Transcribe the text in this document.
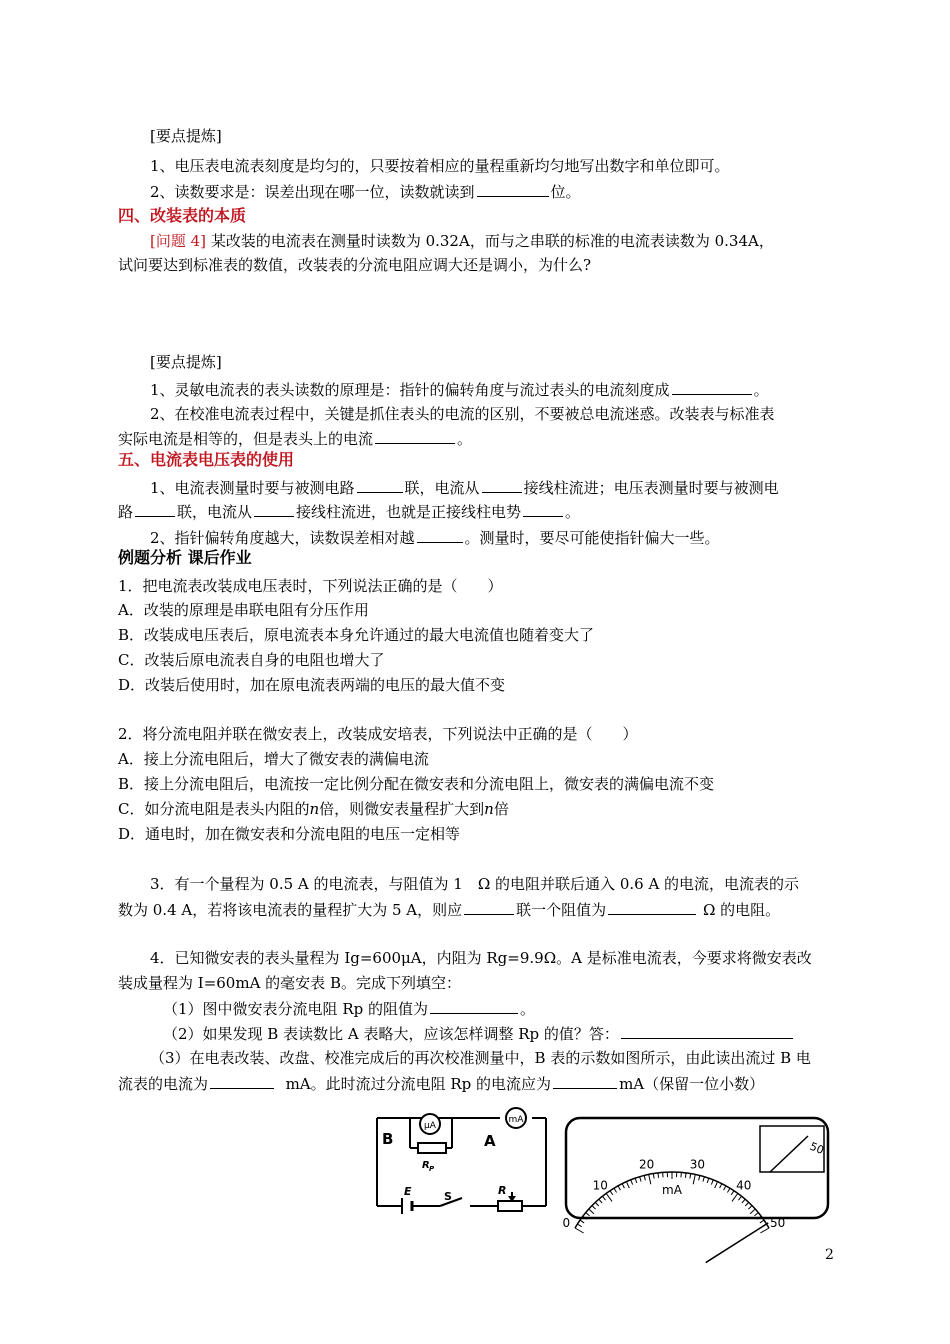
[要点提炼]
1、电压表电流表刻度是均匀的，只要按着相应的量程重新均匀地写出数字和单位即可。
2、读数要求是：误差出现在哪一位，读数就读到	位。
四、改装表的本质
[问题 4] 某改装的电流表在测量时读数为 0.32A，而与之串联的标准的电流表读数为 0.34A，
试问要达到标准表的数值，改装表的分流电阻应调大还是调小，为什么?
[要点提炼]
1、灵敏电流表的表头读数的原理是：指针的偏转角度与流过表头的电流刻度成	。
2、在校准电流表过程中，关键是抓住表头的电流的区别，不要被总电流迷惑。改装表与标准表
实际电流是相等的，但是表头上的电流	。
五、电流表电压表的使用
1、电流表测量时要与被测电路	联，电流从	接线柱流进；电压表测量时要与被测电
路	联，电流从	接线柱流进，也就是正接线柱电势	。
2、指针偏转角度越大，读数误差相对越	。测量时，要尽可能使指针偏大一些。
例题分析 课后作业
1．把电流表改装成电压表时，下列说法正确的是（　　）
A．改装的原理是串联电阻有分压作用
B．改装成电压表后，原电流表本身允许通过的最大电流值也随着变大了
C．改装后原电流表自身的电阻也增大了
D．改装后使用时，加在原电流表两端的电压的最大值不变
2．将分流电阻并联在微安表上，改装成安培表，下列说法中正确的是（　　）
A．接上分流电阻后，增大了微安表的满偏电流
B．接上分流电阻后，电流按一定比例分配在微安表和分流电阻上，微安表的满偏电流不变
C．如分流电阻是表头内阻的n倍，则微安表量程扩大到n倍
D．通电时，加在微安表和分流电阻的电压一定相等
3．有一个量程为 0.5 A 的电流表，与阻值为 1　Ω 的电阻并联后通入 0.6 A 的电流，电流表的示
数为 0.4 A，若将该电流表的量程扩大为 5 A，则应	联一个阻值为	Ω 的电阻。
4．已知微安表的表头量程为 Ig=600μA，内阻为 Rg=9.9Ω。A 是标准电流表，今要求将微安表改
装成量程为 I=60mA 的毫安表 B。完成下列填空：
（1）图中微安表分流电阻 Rp 的阻值为	。
（2）如果发现 B 表读数比 A 表略大，应该怎样调整 Rp 的值？答：
（3）在电表改装、改盘、校准完成后的再次校准测量中，B 表的示数如图所示，由此读出流过 B 电
流表的电流为	mA。此时流过分流电阻 Rp 的电流应为	mA（保留一位小数）
μA
mA
B	A
R P
E	S	R
0
10
20	30
40
50
mA
50
2
